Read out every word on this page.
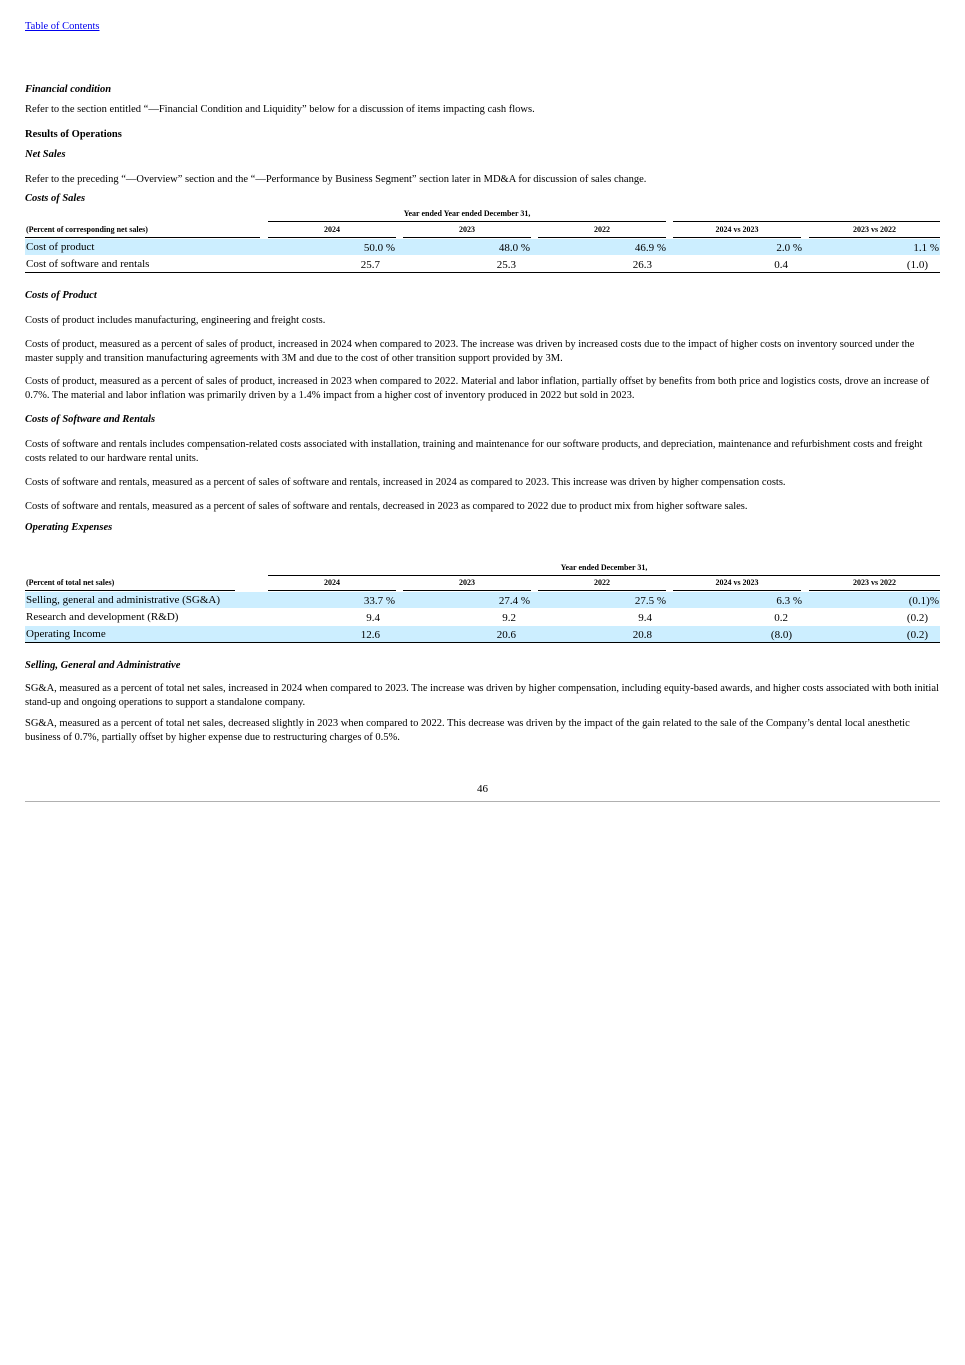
Table of Contents

Financial condition

Refer to the section entitled “—Financial Condition and Liquidity” below for a discussion of items impacting cash flows.

Results of Operations

Net Sales

Refer to the preceding “—Overview” section and the “—Performance by Business Segment” section later in MD&A for discussion of sales change.

Costs of Sales

Year ended Year ended December 31,
(Percent of corresponding net sales)	2024	2023	2022	2024 vs 2023	2023 vs 2022
Cost of product	50.0 %	48.0 %	46.9 %	2.0 %	1.1 %
Cost of software and rentals	25.7	25.3	26.3	0.4	(1.0)

Costs of Product

Costs of product includes manufacturing, engineering and freight costs.

Costs of product, measured as a percent of sales of product, increased in 2024 when compared to 2023. The increase was driven by increased costs due to the impact of higher costs on inventory sourced under the master supply and transition manufacturing agreements with 3M and due to the cost of other transition support provided by 3M.

Costs of product, measured as a percent of sales of product, increased in 2023 when compared to 2022. Material and labor inflation, partially offset by benefits from both price and logistics costs, drove an increase of 0.7%. The material and labor inflation was primarily driven by a 1.4% impact from a higher cost of inventory produced in 2022 but sold in 2023.

Costs of Software and Rentals

Costs of software and rentals includes compensation-related costs associated with installation, training and maintenance for our software products, and depreciation, maintenance and refurbishment costs and freight costs related to our hardware rental units.

Costs of software and rentals, measured as a percent of sales of software and rentals, increased in 2024 as compared to 2023. This increase was driven by higher compensation costs.

Costs of software and rentals, measured as a percent of sales of software and rentals, decreased in 2023 as compared to 2022 due to product mix from higher software sales.

Operating Expenses

Year ended December 31,
(Percent of total net sales)	2024	2023	2022	2024 vs 2023	2023 vs 2022
Selling, general and administrative (SG&A)	33.7 %	27.4 %	27.5 %	6.3 %	(0.1)%
Research and development (R&D)	9.4	9.2	9.4	0.2	(0.2)
Operating Income	12.6	20.6	20.8	(8.0)	(0.2)

Selling, General and Administrative

SG&A, measured as a percent of total net sales, increased in 2024 when compared to 2023. The increase was driven by higher compensation, including equity-based awards, and higher costs associated with both initial stand-up and ongoing operations to support a standalone company.

SG&A, measured as a percent of total net sales, decreased slightly in 2023 when compared to 2022. This decrease was driven by the impact of the gain related to the sale of the Company’s dental local anesthetic business of 0.7%, partially offset by higher expense due to restructuring charges of 0.5%.

46
